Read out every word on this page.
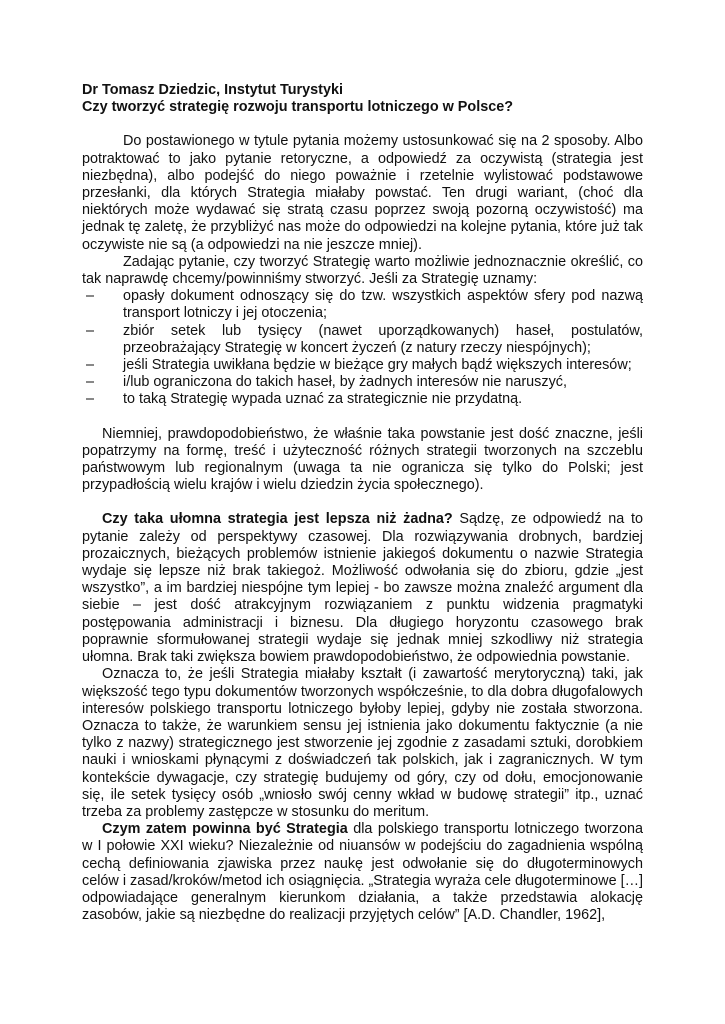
Dr Tomasz Dziedzic, Instytut Turystyki

Czy tworzyć strategię rozwoju transportu lotniczego w Polsce?

Do postawionego w tytule pytania możemy ustosunkować się na 2 sposoby. Albo potraktować to jako pytanie retoryczne, a odpowiedź za oczywistą (strategia jest niezbędna), albo podejść do niego poważnie i rzetelnie wylistować podstawowe przesłanki, dla których Strategia miałaby powstać. Ten drugi wariant, (choć dla niektórych może wydawać się stratą czasu poprzez swoją pozorną oczywistość) ma jednak tę zaletę, że przybliżyć nas może do odpowiedzi na kolejne pytania, które już tak oczywiste nie są (a odpowiedzi na nie jeszcze mniej).

Zadając pytanie, czy tworzyć Strategię warto możliwie jednoznacznie określić, co tak naprawdę chcemy/powinniśmy stworzyć. Jeśli za Strategię uznamy:

– opasły dokument odnoszący się do tzw. wszystkich aspektów sfery pod nazwą transport lotniczy i jej otoczenia;
– zbiór setek lub tysięcy (nawet uporządkowanych) haseł, postulatów, przeobrażający Strategię w koncert życzeń (z natury rzeczy niespójnych);
– jeśli Strategia uwikłana będzie w bieżące gry małych bądź większych interesów;
– i/lub ograniczona do takich haseł, by żadnych interesów nie naruszyć,
– to taką Strategię wypada uznać za strategicznie nie przydatną.

Niemniej, prawdopodobieństwo, że właśnie taka powstanie jest dość znaczne, jeśli popatrzymy na formę, treść i użyteczność różnych strategii tworzonych na szczeblu państwowym lub regionalnym (uwaga ta nie ogranicza się tylko do Polski; jest przypadłością wielu krajów i wielu dziedzin życia społecznego).

Czy taka ułomna strategia jest lepsza niż żadna? Sądzę, ze odpowiedź na to pytanie zależy od perspektywy czasowej. Dla rozwiązywania drobnych, bardziej prozaicznych, bieżących problemów istnienie jakiegoś dokumentu o nazwie Strategia wydaje się lepsze niż brak takiegoż. Możliwość odwołania się do zbioru, gdzie „jest wszystko”, a im bardziej niespójne tym lepiej - bo zawsze można znaleźć argument dla siebie – jest dość atrakcyjnym rozwiązaniem z punktu widzenia pragmatyki postępowania administracji i biznesu. Dla długiego horyzontu czasowego brak poprawnie sformułowanej strategii wydaje się jednak mniej szkodliwy niż strategia ułomna. Brak taki zwiększa bowiem prawdopodobieństwo, że odpowiednia powstanie.

Oznacza to, że jeśli Strategia miałaby kształt (i zawartość merytoryczną) taki, jak większość tego typu dokumentów tworzonych współcześnie, to dla dobra długofalowych interesów polskiego transportu lotniczego byłoby lepiej, gdyby nie została stworzona. Oznacza to także, że warunkiem sensu jej istnienia jako dokumentu faktycznie (a nie tylko z nazwy) strategicznego jest stworzenie jej zgodnie z zasadami sztuki, dorobkiem nauki i wnioskami płynącymi z doświadczeń tak polskich, jak i zagranicznych. W tym kontekście dywagacje, czy strategię budujemy od góry, czy od dołu, emocjonowanie się, ile setek tysięcy osób „wniosło swój cenny wkład w budowę strategii” itp., uznać trzeba za problemy zastępcze w stosunku do meritum.

Czym zatem powinna być Strategia dla polskiego transportu lotniczego tworzona w I połowie XXI wieku? Niezależnie od niuansów w podejściu do zagadnienia wspólną cechą definiowania zjawiska przez naukę jest odwołanie się do długoterminowych celów i zasad/kroków/metod ich osiągnięcia. „Strategia wyraża cele długoterminowe […] odpowiadające generalnym kierunkom działania, a także przedstawia alokację zasobów, jakie są niezbędne do realizacji przyjętych celów” [A.D. Chandler, 1962],
